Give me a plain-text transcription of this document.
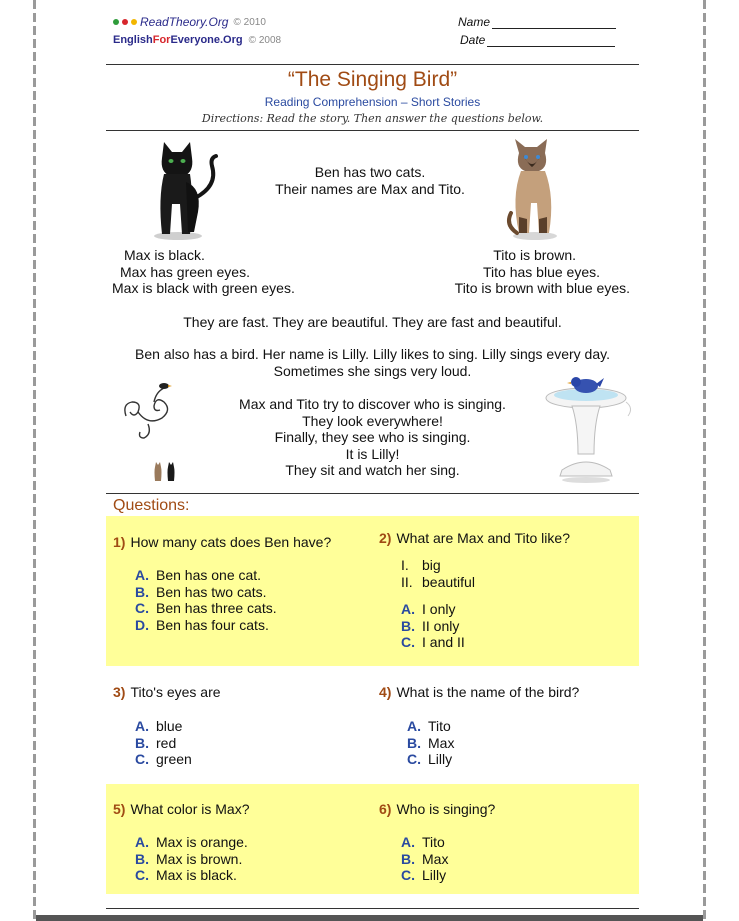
ReadTheory.Org © 2010
EnglishForEveryone.Org © 2008
Name
Date
“The Singing Bird”
Reading Comprehension – Short Stories
Directions: Read the story. Then answer the questions below.
Ben has two cats.
Their names are Max and Tito.
Max is black.
Max has green eyes.
Max is black with green eyes.
Tito is brown.
Tito has blue eyes.
Tito is brown with blue eyes.
They are fast. They are beautiful. They are fast and beautiful.
Ben also has a bird. Her name is Lilly. Lilly likes to sing. Lilly sings every day.
Sometimes she sings very loud.
Max and Tito try to discover who is singing.
They look everywhere!
Finally, they see who is singing.
It is Lilly!
They sit and watch her sing.
Questions:
1) How many cats does Ben have?
A. Ben has one cat.
B. Ben has two cats.
C. Ben has three cats.
D. Ben has four cats.
2) What are Max and Tito like?
I. big
II. beautiful
A. I only
B. II only
C. I and II
3) Tito's eyes are
A. blue
B. red
C. green
4) What is the name of the bird?
A. Tito
B. Max
C. Lilly
5) What color is Max?
A. Max is orange.
B. Max is brown.
C. Max is black.
6) Who is singing?
A. Tito
B. Max
C. Lilly
